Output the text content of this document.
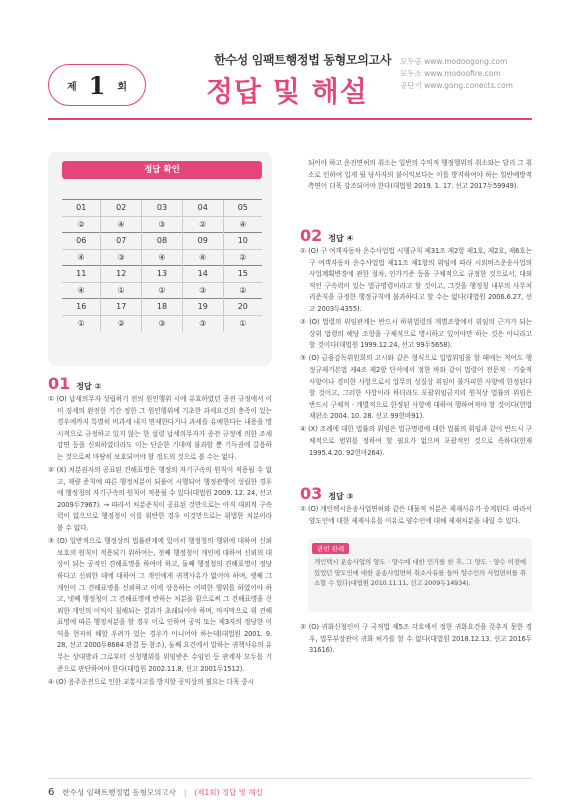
제 1 회
한수성 임팩트행정법 동형모의고사
정답 및 해설
모두공 www.modoogong.com
모두소 www.modoofire.com
공단기 www.gong.conects.com
정답 확인
01	02	03	04	05
②	④	③	②	④
06	07	08	09	10
④	③	④	④	②
11	12	13	14	15
④	①	②	③	②
16	17	18	19	20
①	②	③	③	①
01 정답 ②

① (O) 납세의무자 성립하기 전의 원인행위 시에 유효하였던 종전 규정에서 이미 징세의 완전한 기간 정한 그 원인행위에 기초한 과세요건의 충족이 있는 경우에까지 특별히 비과세 내지 면제한다거나 과세를 유예한다는 내용을 명시적으로 규정하고 있지 않는 한 설령 납세의무자가 종전 규정에 의한 조세감면 등을 신뢰하였더라도 이는 단순한 기대에 불과할 뿐 기득권에 갈음하는 것으로써 마땅히 보호되어야 할 정도의 것으로 볼 수는 없다.

② (X) 처분권자의 공표된 견해표명은 행정의 자기구속의 원칙이 적용될 수 없고, 재량 준칙에 따른 행정처분이 되풀이 시행되어 행정관행이 성립한 경우에 행정청의 자기구속의 원칙이 적용될 수 있다(대법원 2009. 12. 24, 선고 2009두7967). → 따라서 처분준칙이 공표된 것만으로는 아직 대외적 구속력이 없으므로 행정청이 이를 위반한 경우 이것만으로는 위법한 처분이라 볼 수 없다.

③ (O) 일반적으로 행정상의 법률관계에 있어서 행정청의 행위에 대하여 신뢰보호의 원칙이 적용되기 위하여는, 첫째 행정청이 개인에 대하여 신뢰의 대상이 되는 공적인 견해표명을 하여야 하고, 둘째 행정청의 견해표명이 정당하다고 신뢰한 데에 대하여 그 개인에게 귀책사유가 없어야 하며, 셋째 그 개인이 그 견해표명을 신뢰하고 이에 상응하는 어떠한 행위를 하였어야 하고, 넷째 행정청이 그 견해표명에 반하는 처분을 함으로써 그 견해표명을 신뢰한 개인의 이익이 침해되는 결과가 초래되어야 하며, 마지막으로 위 견해표명에 따른 행정처분을 할 경우 이로 인하여 공익 또는 제3자의 정당한 이익을 현저히 해할 우려가 있는 경우가 아니어야 하는데(대법원 2001. 9. 28, 선고 2000두8684 판결 등 참조), 둘째 요건에서 말하는 귀책사유의 유무는 상대방과 그로부터 신청행위를 위임받은 수임인 등 관계자 모두를 기준으로 판단하여야 한다(대법원 2002.11.8, 선고 2001두1512).

④ (O) 음주운전으로 인한 교통사고를 방지할 공익상의 필요는 더욱 중시

되어야 하고 운전면허의 취소는 일반의 수익적 행정행위의 취소와는 달리 그 취소로 인하여 입게 될 당사자의 불이익보다는 이를 방지하여야 하는 일반예방적 측면이 더욱 강조되어야 한다(대법원 2019. 1. 17. 선고 2017두59949).

02 정답 ④

① (O) 구 여객자동차 운수사업법 시행규칙 제31조 제2항 제1호, 제2호, 제6호는 구 여객자동차 운수사업법 제11조 제1항의 위임에 따라 시외버스운송사업의 사업계획변경에 관한 절차, 인가기준 등을 구체적으로 규정한 것으로서, 대외적인 구속력이 있는 법규명령이라고 할 것이고, 그것을 행정청 내부의 사무처리준칙을 규정한 행정규칙에 불과하다고 할 수는 없다(대법원 2006.6.27, 선고 2003두4355).

② (O) 법령의 위임관계는 반드시 하위법령의 개별조항에서 위임의 근거가 되는 상위 법령의 해당 조항을 구체적으로 명시하고 있어야만 하는 것은 아니라고 할 것이다(대법원 1999.12.24, 선고 99두5658).

③ (O) 금융감독위원회의 고시와 같은 형식으로 입법위임을 할 때에는 적어도 행정규제기본법 제4조 제2항 단서에서 정한 바와 같이 법령이 전문적 · 기술적 사항이나 경미한 사항으로서 업무의 성질상 위임이 불가피한 사항에 한정된다 할 것이고, 그러한 사항이라 하더라도 포괄위임금지의 원칙상 법률의 위임은 반드시 구체적 · 개별적으로 한정된 사항에 대하여 행하여져야 할 것이다(헌법재판소 2004. 10. 28. 선고 99헌바91).

④ (X) 조례에 대한 법률의 위임은 법규명령에 대한 법률의 위임과 같이 반드시 구체적으로 범위를 정하여 할 필요가 없으며 포괄적인 것으로 족하다(헌재 1995.4.20. 92헌마264).

03 정답 ③

① (O) 개인택시운송사업면허와 같은 대물적 처분은 제재사유가 승계된다. 따라서 양도인에 대한 제재사유를 이유로 양수인에 대해 제재처분을 내릴 수 있다.

관련 판례
개인택시 운송사업의 양도 · 양수에 대한 인가를 한 후, 그 양도 · 양수 이전에 있었던 양도인에 대한 운송사업면허 취소사유를 들어 양수인의 사업면허를 취소할 수 있다(대법원 2010.11.11, 선고 2009두14934).

② (O) 귀화신청인이 구 국적법 제5조 각호에서 정한 귀화요건을 갖추지 못한 경우, 법무부장관이 귀화 허가를 할 수 없다(대법원 2018.12.13. 선고 2016두31616).

6 한수성 임팩트행정법 동형모의고사 | (제1회) 정답 및 해설
